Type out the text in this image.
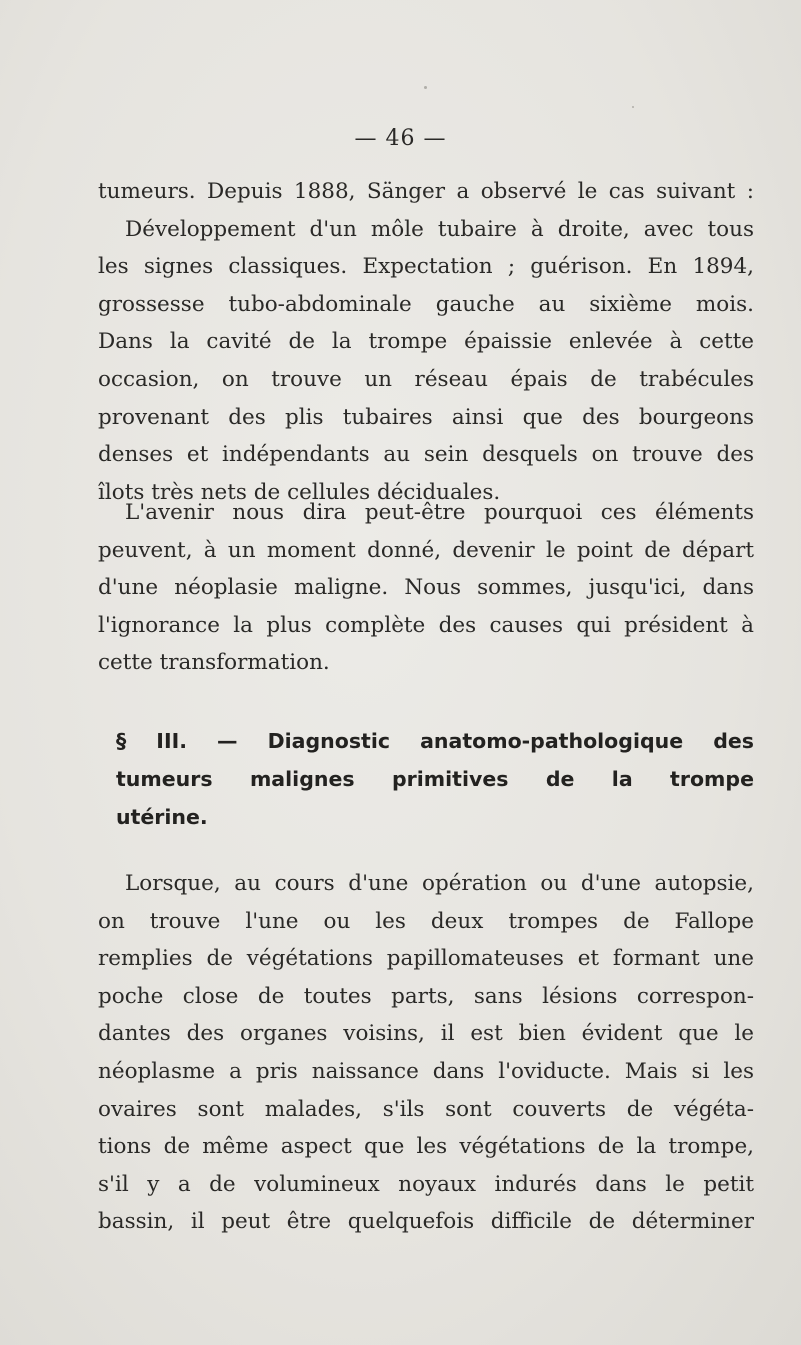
— 46 —
tumeurs. Depuis 1888, Sänger a observé le cas suivant :
Développement d'un môle tubaire à droite, avec tous
les signes classiques. Expectation ; guérison. En 1894,
grossesse tubo-abdominale gauche au sixième mois.
Dans la cavité de la trompe épaissie enlevée à cette
occasion, on trouve un réseau épais de trabécules
provenant des plis tubaires ainsi que des bourgeons
denses et indépendants au sein desquels on trouve des
îlots très nets de cellules déciduales.
L'avenir nous dira peut-être pourquoi ces éléments
peuvent, à un moment donné, devenir le point de départ
d'une néoplasie maligne. Nous sommes, jusqu'ici, dans
l'ignorance la plus complète des causes qui président à
cette transformation.
§ III. — Diagnostic anatomo-pathologique des
tumeurs malignes primitives de la trompe
utérine.
Lorsque, au cours d'une opération ou d'une autopsie,
on trouve l'une ou les deux trompes de Fallope
remplies de végétations papillomateuses et formant une
poche close de toutes parts, sans lésions correspon-
dantes des organes voisins, il est bien évident que le
néoplasme a pris naissance dans l'oviducte. Mais si les
ovaires sont malades, s'ils sont couverts de végéta-
tions de même aspect que les végétations de la trompe,
s'il y a de volumineux noyaux indurés dans le petit
bassin, il peut être quelquefois difficile de déterminer
